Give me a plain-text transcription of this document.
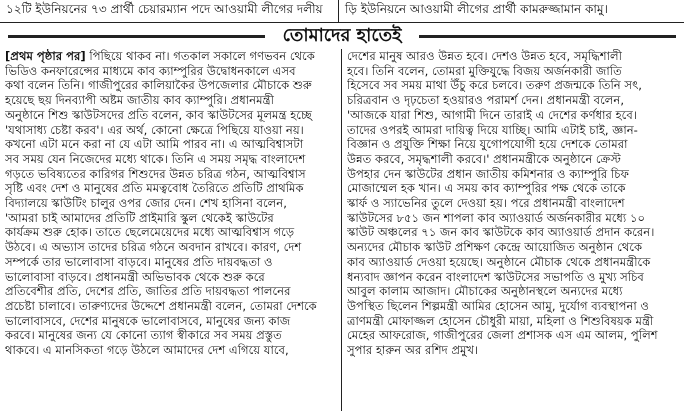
১২টি ইউনিয়নের ৭৩ প্রার্থী চেয়ারম্যান পদে আওয়ামী লীগের দলীয়	ড়ি ইউনিয়নে আওয়ামী লীগের প্রার্থী কামরুজ্জামান কামু।
তোমাদের হাতেই
[প্রথম পৃষ্ঠার পর] পিছিয়ে থাকব না। গতকাল সকালে গণভবন থেকে
ভিডিও কনফারেন্সের মাধ্যমে কাব ক্যাম্পুরির উদ্বোধনকালে এসব
কথা বলেন তিনি। গাজীপুরের কালিয়াকৈর উপজেলার মৌচাকে শুরু
হয়েছে ছয় দিনব্যাপী অষ্টম জাতীয় কাব ক্যাম্পুরি। প্রধানমন্ত্রী
অনুষ্ঠানে শিশু স্কাউটসদের প্রতি বলেন, কাব স্কাউটসের মূলমন্ত্র হচ্ছে
'যথাসাধ্য চেষ্টা করব'। এর অর্থ, কোনো ক্ষেত্রে পিছিয়ে যাওয়া নয়।
কখনো এটা মনে করা না যে এটা আমি পারব না। এ আত্মবিশ্বাসটা
সব সময় যেন নিজেদের মধ্যে থাকে। তিনি এ সময় সমৃদ্ধ বাংলাদেশ
গড়তে ভবিষ্যতের কারিগর শিশুদের উন্নত চরিত্র গঠন, আত্মবিশ্বাস
সৃষ্টি এবং দেশ ও মানুষের প্রতি মমত্ববোধ তৈরিতে প্রতিটি প্রাথমিক
বিদ্যালয়ে স্কাউটিং চালুর ওপর জোর দেন। শেখ হাসিনা বলেন,
'আমরা চাই আমাদের প্রতিটি প্রাইমারি স্কুল থেকেই স্কাউটের
কার্যক্রম শুরু হোক। তাতে ছেলেমেয়েদের মধ্যে আত্মবিশ্বাস গড়ে
উঠবে। এ অভ্যাস তাদের চরিত্র গঠনে অবদান রাখবে। কারণ, দেশ
সম্পর্কে তার ভালোবাসা বাড়বে। মানুষের প্রতি দায়বদ্ধতা ও
ভালোবাসা বাড়বে। প্রধানমন্ত্রী অভিভাবক থেকে শুরু করে
প্রতিবেশীর প্রতি, দেশের প্রতি, জাতির প্রতি দায়বদ্ধতা পালনের
প্রচেষ্টা চালাবে। তারুণ্যদের উদ্দেশে প্রধানমন্ত্রী বলেন, তোমরা দেশকে
ভালোবাসবে, দেশের মানুষকে ভালোবাসবে, মানুষের জন্য কাজ
করবে। মানুষের জন্য যে কোনো ত্যাগ স্বীকারে সব সময় প্রস্তুত
থাকবে। এ মানসিকতা গড়ে উঠলে আমাদের দেশ এগিয়ে যাবে,
দেশের মানুষ আরও উন্নত হবে। দেশও উন্নত হবে, সমৃদ্ধিশালী
হবে। তিনি বলেন, তোমরা মুক্তিযুদ্ধে বিজয় অর্জনকারী জাতি
হিসেবে সব সময় মাথা উঁচু করে চলবে। তরুণ প্রজন্মকে তিনি সৎ,
চরিত্রবান ও দৃঢ়চেতা হওয়ারও পরামর্শ দেন। প্রধানমন্ত্রী বলেন,
'আজকে যারা শিশু, আগামী দিনে তারাই এ দেশের কর্ণধার হবে।
তাদের ওপরই আমরা দায়িত্ব দিয়ে যাচ্ছি। আমি এটাই চাই, জ্ঞান-
বিজ্ঞান ও প্রযুক্তি শিক্ষা নিয়ে যুগোপযোগী হয়ে দেশকে তোমরা
উন্নত করবে, সমৃদ্ধশালী করবে।' প্রধানমন্ত্রীকে অনুষ্ঠানে ক্রেস্ট
উপহার দেন স্কাউটের প্রধান জাতীয় কমিশনার ও ক্যাম্পুরি চিফ
মোজাম্মেল হক খান। এ সময় কাব ক্যাম্পুরির পক্ষ থেকে তাকে
স্কার্ফ ও স্যাভেনির তুলে দেওয়া হয়। পরে প্রধানমন্ত্রী বাংলাদেশ
স্কাউটসের ৮৫১ জন শাপলা কাব অ্যাওয়ার্ড অর্জনকারীর মধ্যে ১০
স্কাউট অঞ্চলের ৭১ জন কাব স্কাউটকে কাব অ্যাওয়ার্ড প্রদান করেন।
অন্যদের মৌচাক স্কাউট প্রশিক্ষণ কেন্দ্রে আয়োজিত অনুষ্ঠান থেকে
কাব অ্যাওয়ার্ড দেওয়া হয়েছে। অনুষ্ঠানে মৌচাক থেকে প্রধানমন্ত্রীকে
ধন্যবাদ জ্ঞাপন করেন বাংলাদেশ স্কাউটসের সভাপতি ও মুখ্য সচিব
আবুল কালাম আজাদ। মৌচাকের অনুষ্ঠানস্থলে অন্যদের মধ্যে
উপস্থিত ছিলেন শিল্পমন্ত্রী আমির হোসেন আমু, দুর্যোগ ব্যবস্থাপনা ও
ত্রাণমন্ত্রী মোফাজ্জল হোসেন চৌধুরী মায়া, মহিলা ও শিশুবিষয়ক মন্ত্রী
মেহের আফরোজ, গাজীপুরের জেলা প্রশাসক এস এম আলম, পুলিশ
সুপার হারুন অর রশিদ প্রমুখ।
